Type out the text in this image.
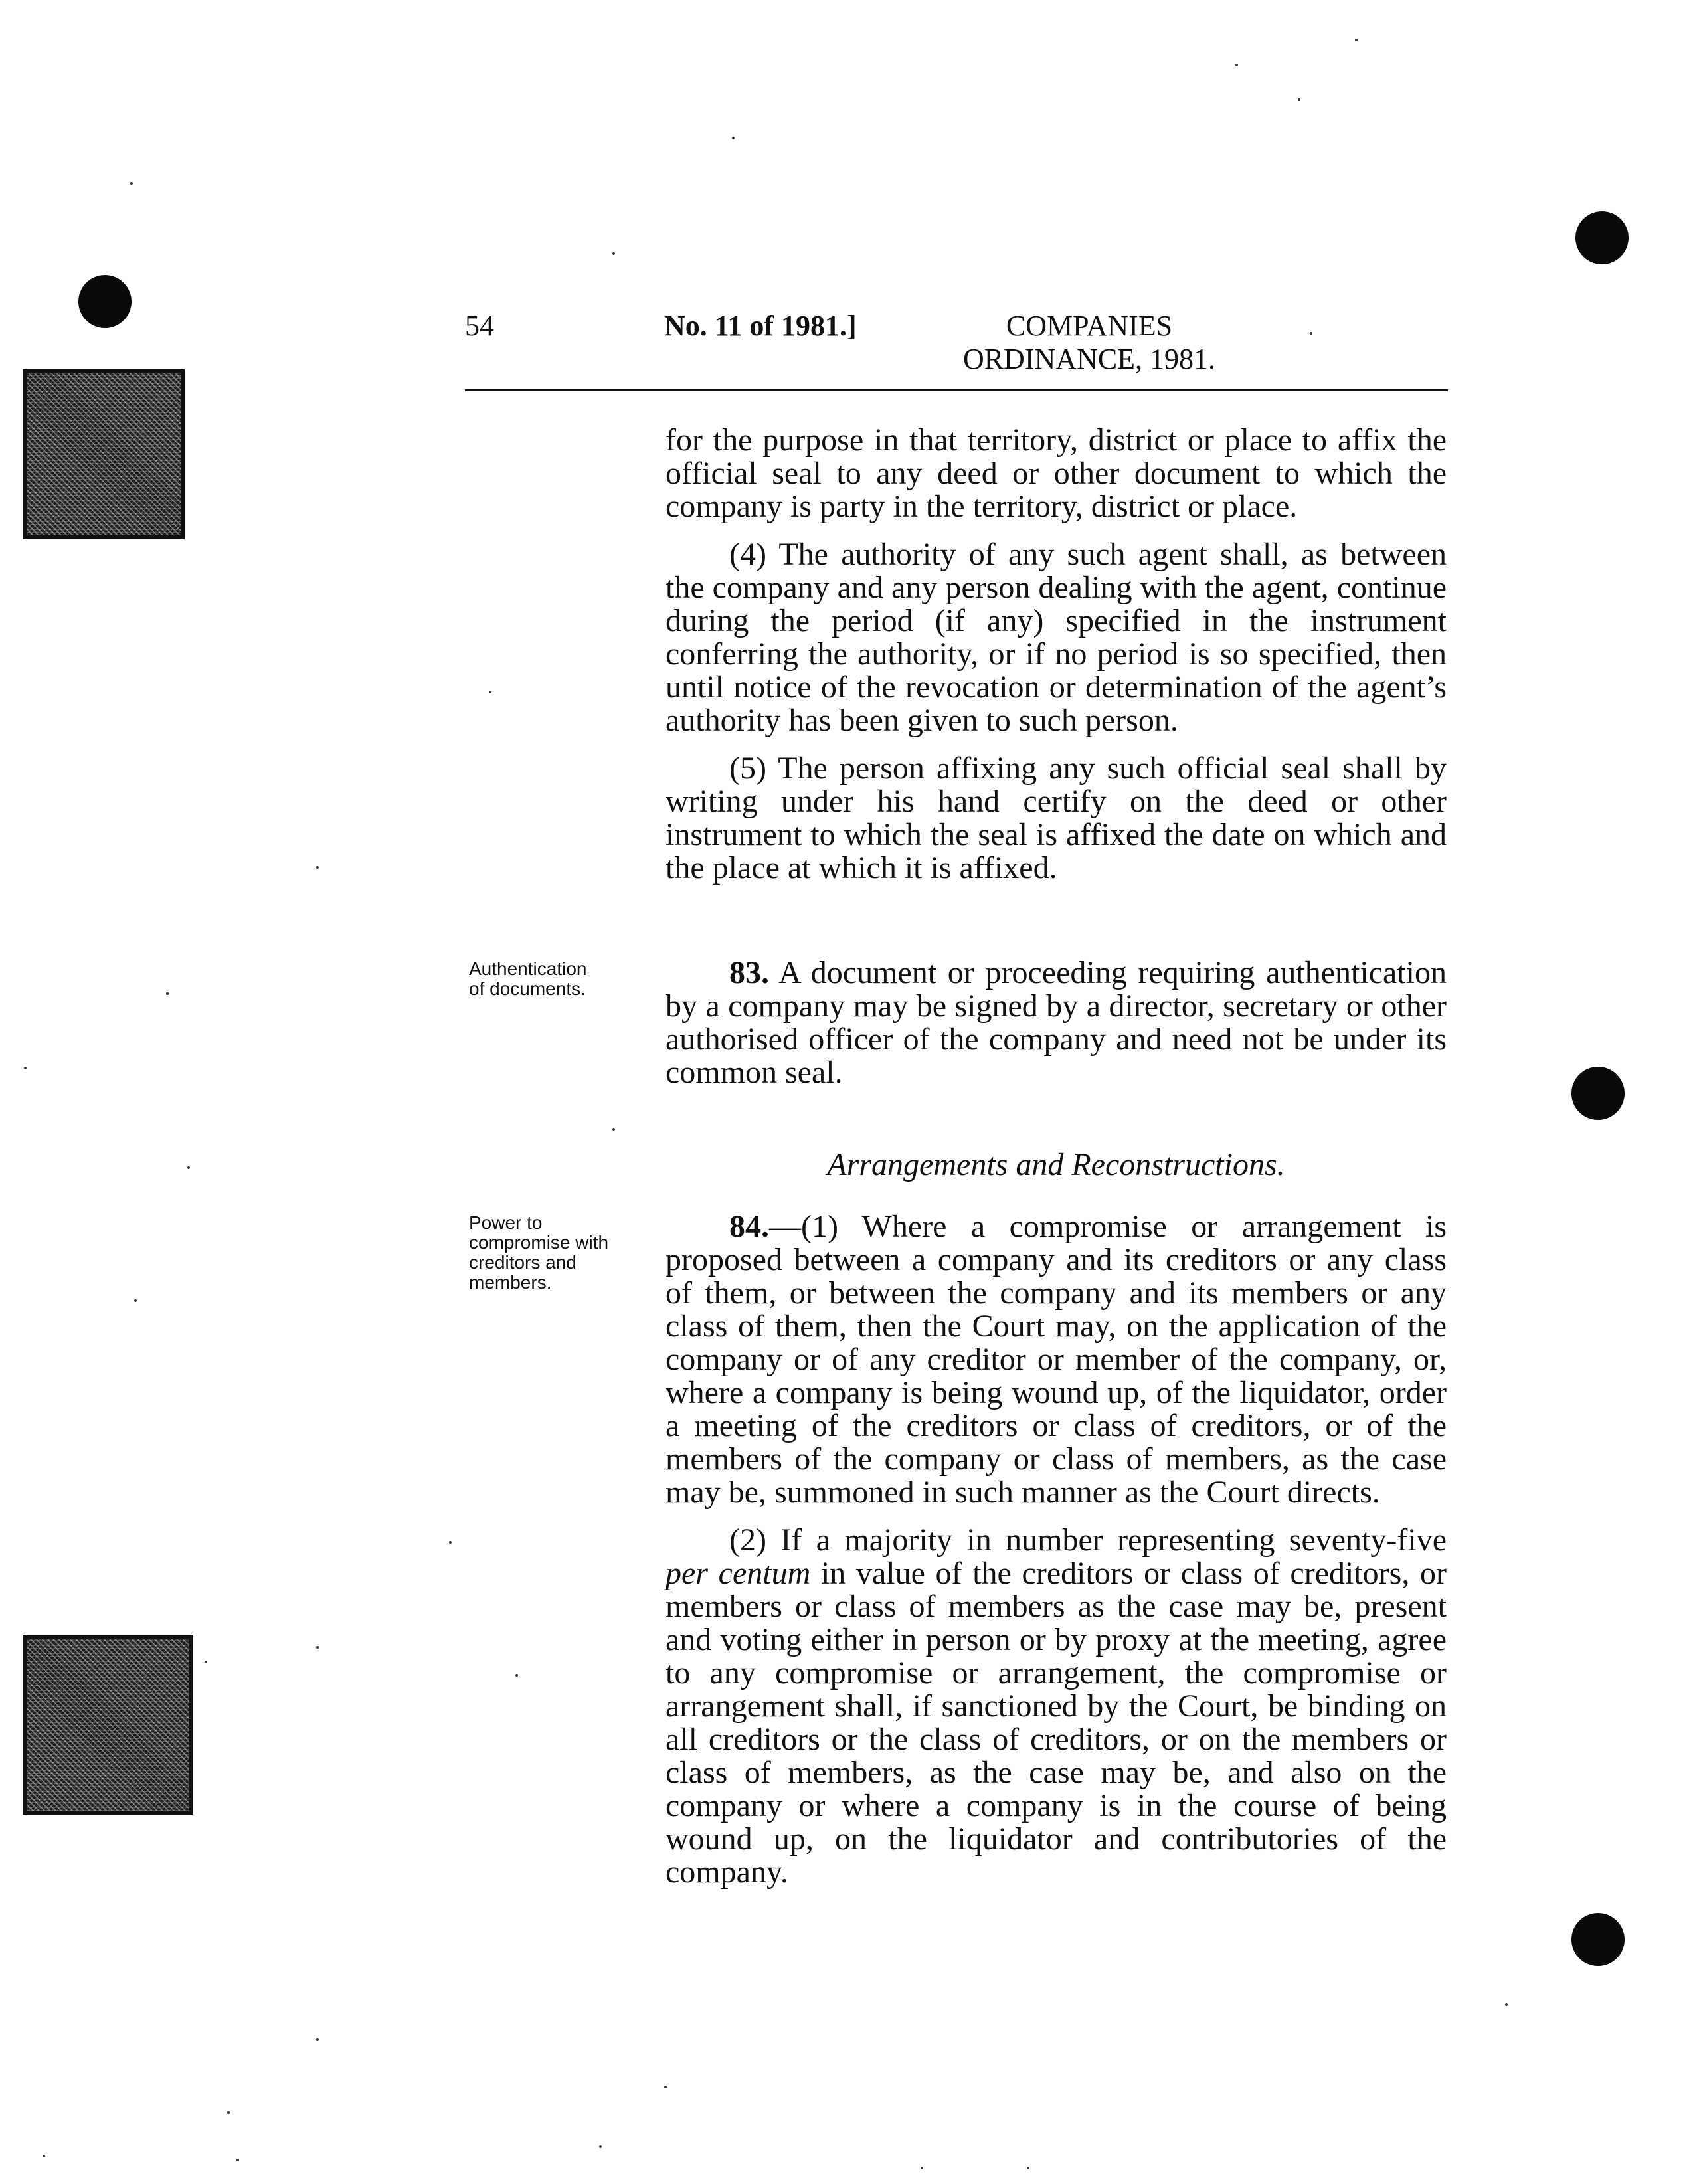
54	No. 11 of 1981.]	COMPANIES
ORDINANCE, 1981.

for the purpose in that territory, district or place to affix the official seal to any deed or other document to which the company is party in the territory, district or place.

(4) The authority of any such agent shall, as between the company and any person dealing with the agent, continue during the period (if any) specified in the instrument conferring the authority, or if no period is so specified, then until notice of the revocation or determination of the agent’s authority has been given to such person.

(5) The person affixing any such official seal shall by writing under his hand certify on the deed or other instrument to which the seal is affixed the date on which and the place at which it is affixed.

Authentication
of documents.	83. A document or proceeding requiring authentication by a company may be signed by a director, secretary or other authorised officer of the company and need not be under its common seal.

Arrangements and Reconstructions.
Power to
compromise with
creditors and
members.

84.—(1) Where a compromise or arrangement is proposed between a company and its creditors or any class of them, or between the company and its members or any class of them, then the Court may, on the application of the company or of any creditor or member of the company, or, where a company is being wound up, of the liquidator, order a meeting of the creditors or class of creditors, or of the members of the company or class of members, as the case may be, summoned in such manner as the Court directs.

(2) If a majority in number representing seventy-five per centum in value of the creditors or class of creditors, or members or class of members as the case may be, present and voting either in person or by proxy at the meeting, agree to any compromise or arrangement, the compromise or arrangement shall, if sanctioned by the Court, be binding on all creditors or the class of creditors, or on the members or class of members, as the case may be, and also on the company or where a company is in the course of being wound up, on the liquidator and contributories of the company.
